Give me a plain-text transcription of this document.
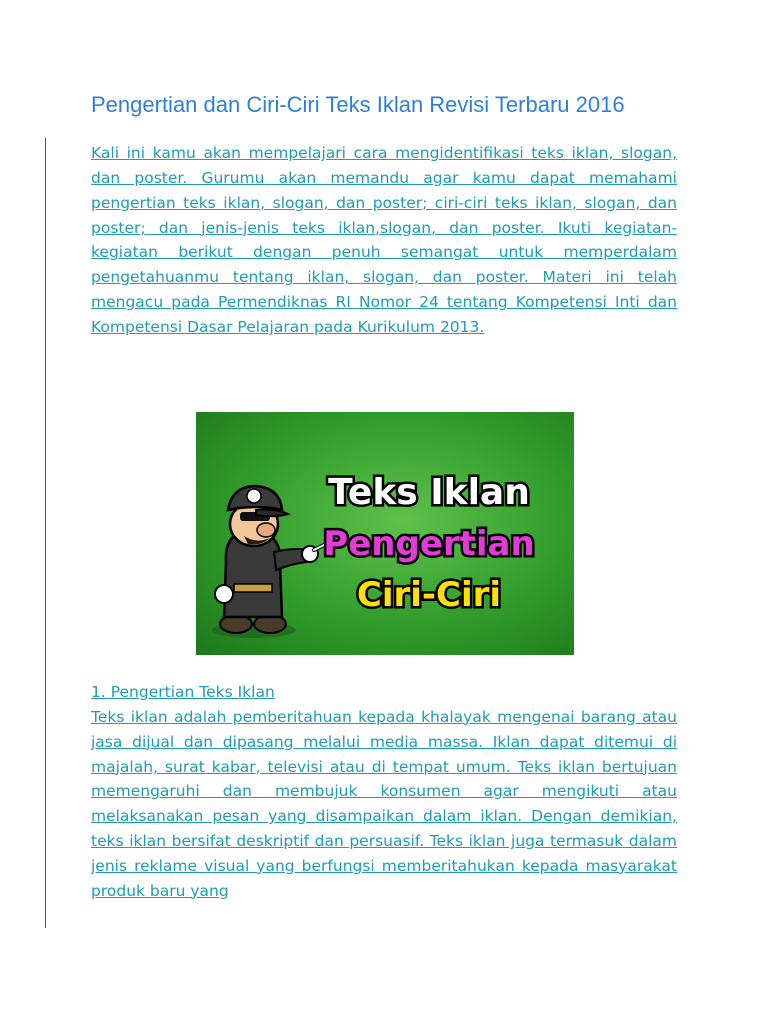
Pengertian dan Ciri-Ciri Teks Iklan Revisi Terbaru 2016

Kali ini kamu akan mempelajari cara mengidentifikasi teks iklan, slogan, dan poster. Gurumu akan memandu agar kamu dapat memahami pengertian teks iklan, slogan, dan poster; ciri-ciri teks iklan, slogan, dan poster; dan jenis-jenis teks iklan,slogan, dan poster. Ikuti kegiatan-kegiatan berikut dengan penuh semangat untuk memperdalam pengetahuanmu tentang iklan, slogan, dan poster. Materi ini telah mengacu pada Permendiknas RI Nomor 24 tentang Kompetensi Inti dan Kompetensi Dasar Pelajaran pada Kurikulum 2013.

Teks Iklan
Pengertian
Ciri-Ciri

1. Pengertian Teks Iklan
Teks iklan adalah pemberitahuan kepada khalayak mengenai barang atau jasa dijual dan dipasang melalui media massa. Iklan dapat ditemui di majalah, surat kabar, televisi atau di tempat umum. Teks iklan bertujuan memengaruhi dan membujuk konsumen agar mengikuti atau melaksanakan pesan yang disampaikan dalam iklan. Dengan demikian, teks iklan bersifat deskriptif dan persuasif. Teks iklan juga termasuk dalam jenis reklame visual yang berfungsi memberitahukan kepada masyarakat produk baru yang
